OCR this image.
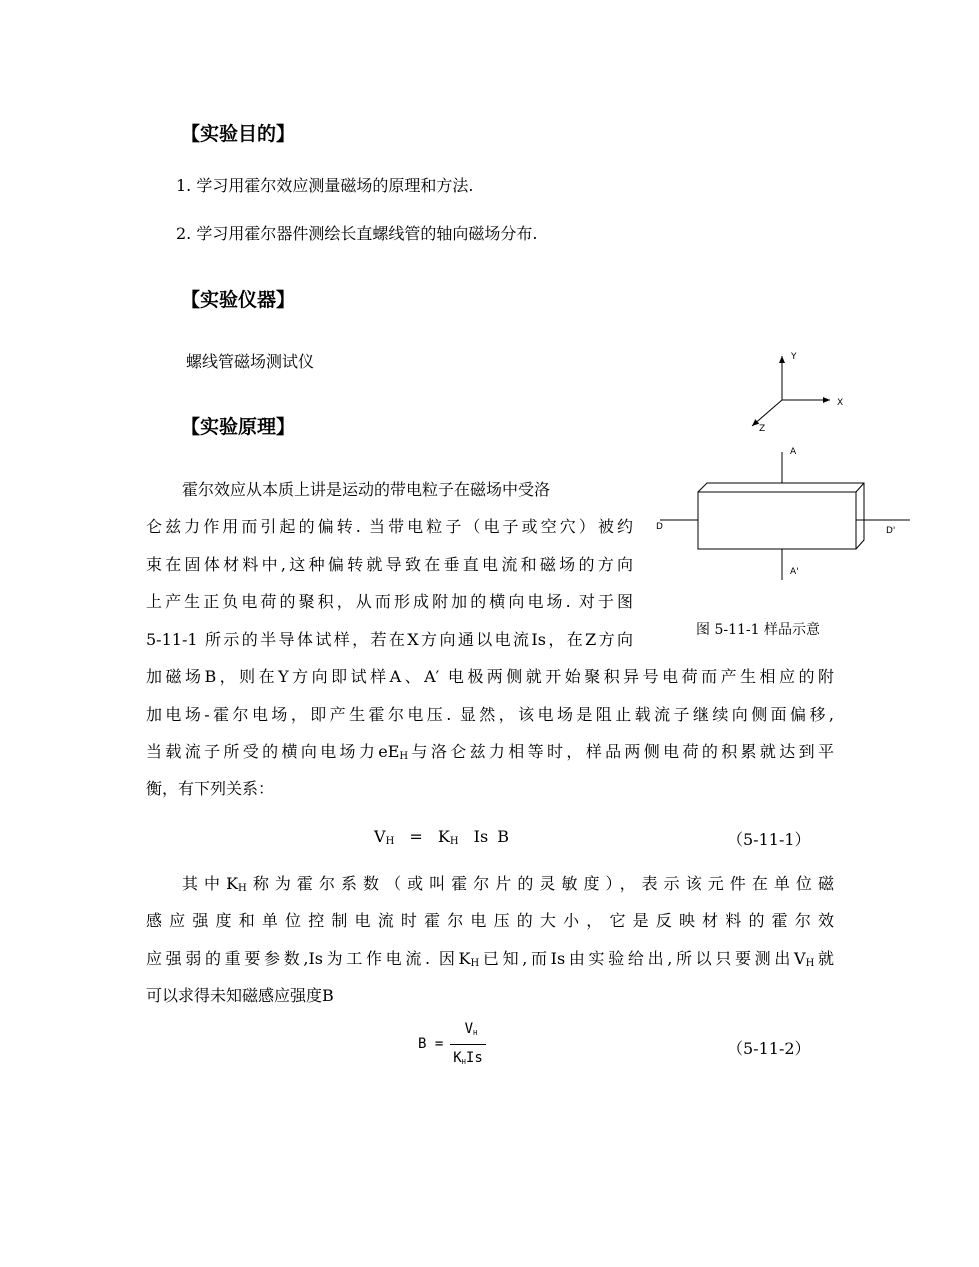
【实验目的】
1. 学习用霍尔效应测量磁场的原理和方法.
2. 学习用霍尔器件测绘长直螺线管的轴向磁场分布.
【实验仪器】
螺线管磁场测试仪
【实验原理】
霍尔效应从本质上讲是运动的带电粒子在磁场中受洛
仑兹力作用而引起的偏转. 当带电粒子（电子或空穴）被约
束在固体材料中,这种偏转就导致在垂直电流和磁场的方向
上产生正负电荷的聚积，从而形成附加的横向电场. 对于图
5-11-1 所示的半导体试样，若在X方向通以电流Is，在Z方向
加磁场B，则在Y方向即试样A、A′ 电极两侧就开始聚积异号电荷而产生相应的附
加电场-霍尔电场，即产生霍尔电压. 显然，该电场是阻止载流子继续向侧面偏移,
当载流子所受的横向电场力$eE_H$与洛仑兹力相等时，样品两侧电荷的积累就达到平
衡，有下列关系：
$V_H = K_H$ Is B	（5-11-1）
其中$K_H$称为霍尔系数（或叫霍尔片的灵敏度），表示该元件在单位磁
感应强度和单位控制电流时霍尔电压的大小，它是反映材料的霍尔效
应强弱的重要参数,Is为工作电流. 因$K_H$已知,而Is由实验给出,所以只要测出$V_H$就
可以求得未知磁感应强度B
B =
$V_H$
$K_HIs$	（5-11-2）
Y
X
Z
A
A'
D	D'
图 5-11-1 样品示意
